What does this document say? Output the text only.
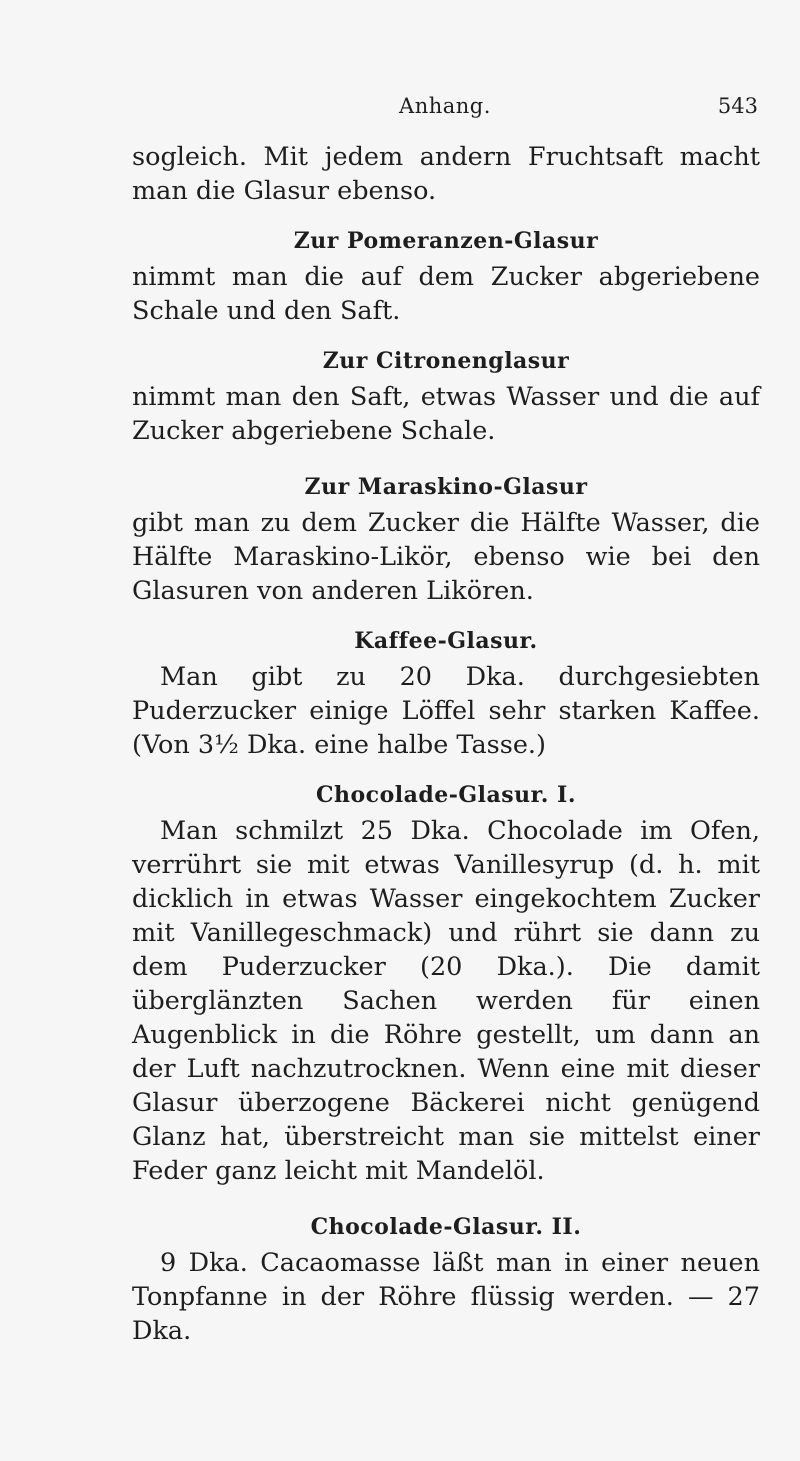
Anhang.	543

sogleich. Mit jedem andern Fruchtsaft macht man die Glasur ebenso.

Zur Pomeranzen-Glasur

nimmt man die auf dem Zucker abgeriebene Schale und den Saft.

Zur Citronenglasur

nimmt man den Saft, etwas Wasser und die auf Zucker abgeriebene Schale.

Zur Maraskino-Glasur

gibt man zu dem Zucker die Hälfte Wasser, die Hälfte Maraskino-Likör, ebenso wie bei den Glasuren von anderen Likören.

Kaffee-Glasur.

Man gibt zu 20 Dka. durchgesiebten Puderzucker einige Löffel sehr starken Kaffee. (Von 3½ Dka. eine halbe Tasse.)

Chocolade-Glasur. I.

Man schmilzt 25 Dka. Chocolade im Ofen, verrührt sie mit etwas Vanillesyrup (d. h. mit dicklich in etwas Wasser eingekochtem Zucker mit Vanillegeschmack) und rührt sie dann zu dem Puderzucker (20 Dka.). Die damit überglänzten Sachen werden für einen Augenblick in die Röhre gestellt, um dann an der Luft nachzutrocknen. Wenn eine mit dieser Glasur überzogene Bäckerei nicht genügend Glanz hat, überstreicht man sie mittelst einer Feder ganz leicht mit Mandelöl.

Chocolade-Glasur. II.

9 Dka. Cacaomasse läßt man in einer neuen Tonpfanne in der Röhre flüssig werden. — 27 Dka.
